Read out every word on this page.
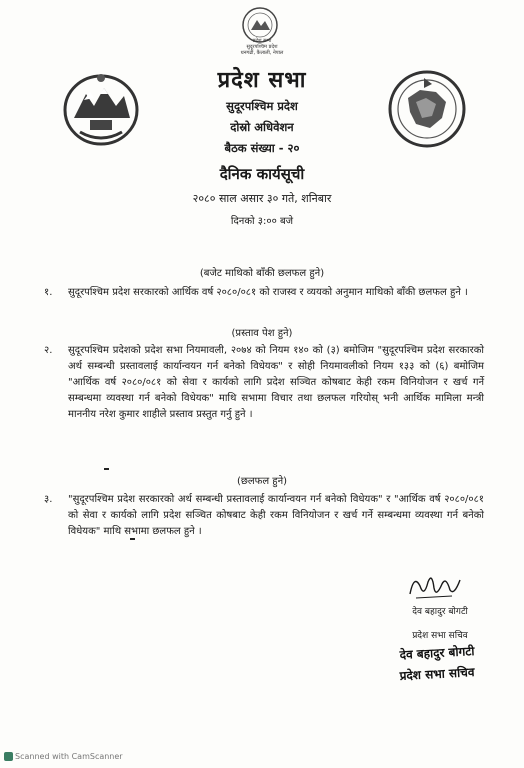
प्रदेश सभा
सुदूरपश्चिम प्रदेश
धनगढी, कैलाली, नेपाल
प्रदेश सभा
सुदूरपश्चिम प्रदेश
दोस्रो अधिवेशन
बैठक संख्या - २०
दैनिक कार्यसूची
२०८० साल असार ३० गते, शनिबार
दिनको ३:०० बजे
(बजेट माथिको बाँकी छलफल हुने)
१. सुदूरपश्चिम प्रदेश सरकारको आर्थिक वर्ष २०८०/०८१ को राजस्व र व्ययको अनुमान माथिको बाँकी छलफल हुने ।
(प्रस्ताव पेश हुने)
२. सुदूरपश्चिम प्रदेशको प्रदेश सभा नियमावली, २०७४ को नियम १४० को (३) बमोजिम "सुदूरपश्चिम प्रदेश सरकारको अर्थ सम्बन्धी प्रस्तावलाई कार्यान्वयन गर्न बनेको विधेयक" र सोही नियमावलीको नियम १३३ को (६) बमोजिम "आर्थिक वर्ष २०८०/०८१ को सेवा र कार्यको लागि प्रदेश सञ्चित कोषबाट केही रकम विनियोजन र खर्च गर्ने सम्बन्धमा व्यवस्था गर्न बनेको विधेयक" माथि सभामा विचार तथा छलफल गरियोस् भनी आर्थिक मामिला मन्त्री माननीय नरेश कुमार शाहीले प्रस्ताव प्रस्तुत गर्नु हुने ।
(छलफल हुने)
३. "सुदूरपश्चिम प्रदेश सरकारको अर्थ सम्बन्धी प्रस्तावलाई कार्यान्वयन गर्न बनेको विधेयक" र "आर्थिक वर्ष २०८०/०८१ को सेवा र कार्यको लागि प्रदेश सञ्चित कोषबाट केही रकम विनियोजन र खर्च गर्ने सम्बन्धमा व्यवस्था गर्न बनेको विधेयक" माथि सभामा छलफल हुने ।
देव बहादुर बोगटी
प्रदेश सभा सचिव
देव बहादुर बोगटी
प्रदेश सभा सचिव
Scanned with CamScanner
